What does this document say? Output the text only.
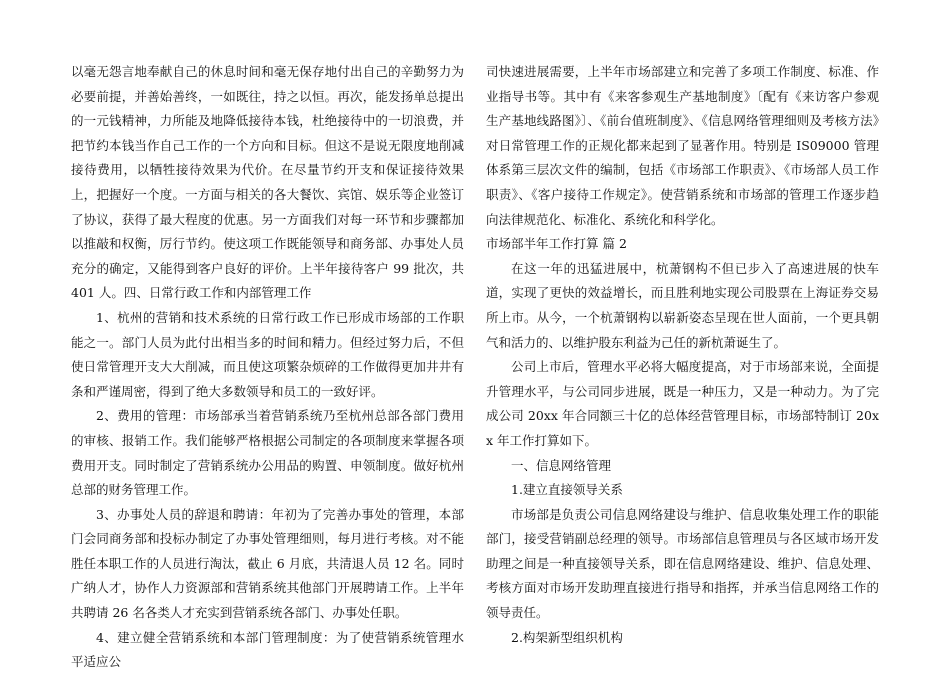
以毫无怨言地奉献自己的休息时间和毫无保存地付出自己的辛勤努力为必要前提，并善始善终，一如既往，持之以恒。再次，能发扬单总提出的一元钱精神，力所能及地降低接待本钱，杜绝接待中的一切浪费，并把节约本钱当作自己工作的一个方向和目标。但这不是说无限度地削减接待费用，以牺牲接待效果为代价。在尽量节约开支和保证接待效果上，把握好一个度。一方面与相关的各大餐饮、宾馆、娱乐等企业签订了协议，获得了最大程度的优惠。另一方面我们对每一环节和步骤都加以推敲和权衡，厉行节约。使这项工作既能领导和商务部、办事处人员充分的确定，又能得到客户良好的评价。上半年接待客户 99 批次，共 401 人。四、日常行政工作和内部管理工作

1、杭州的营销和技术系统的日常行政工作已形成市场部的工作职能之一。部门人员为此付出相当多的时间和精力。但经过努力后，不但使日常管理开支大大削减，而且使这项繁杂烦碎的工作做得更加井井有条和严谨周密，得到了绝大多数领导和员工的一致好评。

2、费用的管理：市场部承当着营销系统乃至杭州总部各部门费用的审核、报销工作。我们能够严格根据公司制定的各项制度来掌握各项费用开支。同时制定了营销系统办公用品的购置、申领制度。做好杭州总部的财务管理工作。

3、办事处人员的辞退和聘请：年初为了完善办事处的管理，本部门会同商务部和投标办制定了办事处管理细则，每月进行考核。对不能胜任本职工作的人员进行淘汰，截止 6 月底，共清退人员 12 名。同时广纳人才，协作人力资源部和营销系统其他部门开展聘请工作。上半年共聘请 26 名各类人才充实到营销系统各部门、办事处任职。

4、建立健全营销系统和本部门管理制度：为了使营销系统管理水平适应公

司快速进展需要，上半年市场部建立和完善了多项工作制度、标准、作业指导书等。其中有《来客参观生产基地制度》〔配有《来访客户参观生产基地线路图》〕、《前台值班制度》、《信息网络管理细则及考核方法》对日常管理工作的正规化都来起到了显著作用。特别是 IS09000 管理体系第三层次文件的编制，包括《市场部工作职责》、《市场部人员工作职责》、《客户接待工作规定》。使营销系统和市场部的管理工作逐步趋向法律规范化、标准化、系统化和科学化。

市场部半年工作打算 篇 2

在这一年的迅猛进展中，杭萧钢构不但已步入了高速进展的快车道，实现了更快的效益增长，而且胜利地实现公司股票在上海证券交易所上市。从今，一个杭萧钢构以崭新姿态呈现在世人面前，一个更具朝气和活力的、以维护股东利益为己任的新杭萧诞生了。

公司上市后，管理水平必将大幅度提高，对于市场部来说，全面提升管理水平，与公司同步进展，既是一种压力，又是一种动力。为了完成公司 20xx 年合同额三十亿的总体经营管理目标，市场部特制订 20xx 年工作打算如下。

一、信息网络管理

1.建立直接领导关系

市场部是负责公司信息网络建设与维护、信息收集处理工作的职能部门，接受营销副总经理的领导。市场部信息管理员与各区域市场开发助理之间是一种直接领导关系，即在信息网络建设、维护、信息处理、考核方面对市场开发助理直接进行指导和指挥，并承当信息网络工作的领导责任。

2.构架新型组织机构
